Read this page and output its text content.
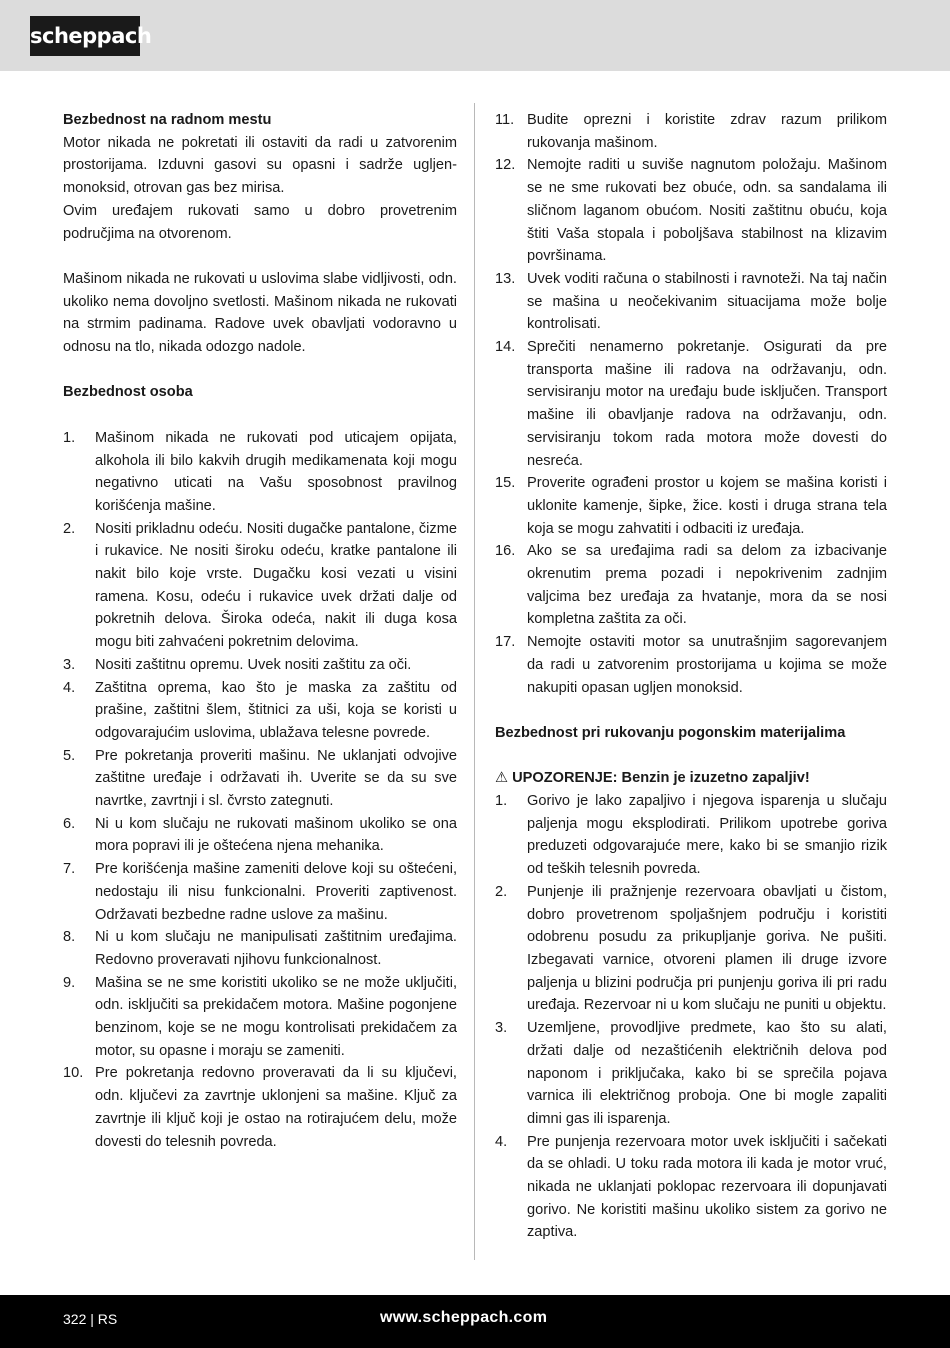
scheppach

Bezbednost na radnom mestu

Motor nikada ne pokretati ili ostaviti da radi u zatvorenim prostorijama. Izduvni gasovi su opasni i sadrže ugljen-monoksid, otrovan gas bez mirisa.

Ovim uređajem rukovati samo u dobro provetrenim područjima na otvorenom.

Mašinom nikada ne rukovati u uslovima slabe vidljivosti, odn. ukoliko nema dovoljno svetlosti. Mašinom nikada ne rukovati na strmim padinama. Radove uvek obavljati vodoravno u odnosu na tlo, nikada odozgo nadole.

Bezbednost osoba

1.	Mašinom nikada ne rukovati pod uticajem opijata, alkohola ili bilo kakvih drugih medikamenata koji mogu negativno uticati na Vašu sposobnost pravilnog korišćenja mašine.
2.	Nositi prikladnu odeću. Nositi dugačke pantalone, čizme i rukavice. Ne nositi široku odeću, kratke pantalone ili nakit bilo koje vrste. Dugačku kosi vezati u visini ramena. Kosu, odeću i rukavice uvek držati dalje od pokretnih delova. Široka odeća, nakit ili duga kosa mogu biti zahvaćeni pokretnim delovima.
3.	Nositi zaštitnu opremu. Uvek nositi zaštitu za oči.
4.	Zaštitna oprema, kao što je maska za zaštitu od prašine, zaštitni šlem, štitnici za uši, koja se koristi u odgovarajućim uslovima, ublažava telesne povrede.
5.	Pre pokretanja proveriti mašinu. Ne uklanjati odvojive zaštitne uređaje i održavati ih. Uverite se da su sve navrtke, zavrtnji i sl. čvrsto zategnuti.
6.	Ni u kom slučaju ne rukovati mašinom ukoliko se ona mora popravi ili je oštećena njena mehanika.
7.	Pre korišćenja mašine zameniti delove koji su oštećeni, nedostaju ili nisu funkcionalni. Proveriti zaptivenost. Održavati bezbedne radne uslove za mašinu.
8.	Ni u kom slučaju ne manipulisati zaštitnim uređajima. Redovno proveravati njihovu funkcionalnost.
9.	Mašina se ne sme koristiti ukoliko se ne može uključiti, odn. isključiti sa prekidačem motora. Mašine pogonjene benzinom, koje se ne mogu kontrolisati prekidačem za motor, su opasne i moraju se zameniti.
10. Pre pokretanja redovno proveravati da li su ključevi, odn. ključevi za zavrtnje uklonjeni sa mašine. Ključ za zavrtnje ili ključ koji je ostao na rotirajućem delu, može dovesti do telesnih povreda.
11. Budite oprezni i koristite zdrav razum prilikom rukovanja mašinom.
12. Nemojte raditi u suviše nagnutom položaju. Mašinom se ne sme rukovati bez obuće, odn. sa sandalama ili sličnom laganom obućom. Nositi zaštitnu obuću, koja štiti Vaša stopala i poboljšava stabilnost na klizavim površinama.
13. Uvek voditi računa o stabilnosti i ravnoteži. Na taj način se mašina u neočekivanim situacijama može bolje kontrolisati.
14. Sprečiti nenamerno pokretanje. Osigurati da pre transporta mašine ili radova na održavanju, odn. servisiranju motor na uređaju bude isključen. Transport mašine ili obavljanje radova na održavanju, odn. servisiranju tokom rada motora može dovesti do nesreća.
15. Proverite ograđeni prostor u kojem se mašina koristi i uklonite kamenje, šipke, žice. kosti i druga strana tela koja se mogu zahvatiti i odbaciti iz uređaja.
16. Ako se sa uređajima radi sa delom za izbacivanje okrenutim prema pozadi i nepokrivenim zadnjim valjcima bez uređaja za hvatanje, mora da se nosi kompletna zaštita za oči.
17. Nemojte ostaviti motor sa unutrašnjim sagorevanjem da radi u zatvorenim prostorijama u kojima se može nakupiti opasan ugljen monoksid.

Bezbednost pri rukovanju pogonskim materijalima

⚠ UPOZORENJE: Benzin je izuzetno zapaljiv!

1.	Gorivo je lako zapaljivo i njegova isparenja u slučaju paljenja mogu eksplodirati. Prilikom upotrebe goriva preduzeti odgovarajuće mere, kako bi se smanjio rizik od teških telesnih povreda.
2.	Punjenje ili pražnjenje rezervoara obavljati u čistom, dobro provetrenom spoljašnjem području i koristiti odobrenu posudu za prikupljanje goriva. Ne pušiti. Izbegavati varnice, otvoreni plamen ili druge izvore paljenja u blizini područja pri punjenju goriva ili pri radu uređaja. Rezervoar ni u kom slučaju ne puniti u objektu.
3.	Uzemljene, provodljive predmete, kao što su alati, držati dalje od nezaštićenih električnih delova pod naponom i priključaka, kako bi se sprečila pojava varnica ili električnog proboja. One bi mogle zapaliti dimni gas ili isparenja.
4.	Pre punjenja rezervoara motor uvek isključiti i sačekati da se ohladi. U toku rada motora ili kada je motor vruć, nikada ne uklanjati poklopac rezervoara ili dopunjavati gorivo. Ne koristiti mašinu ukoliko sistem za gorivo ne zaptiva.
322 | RS	www.scheppach.com
